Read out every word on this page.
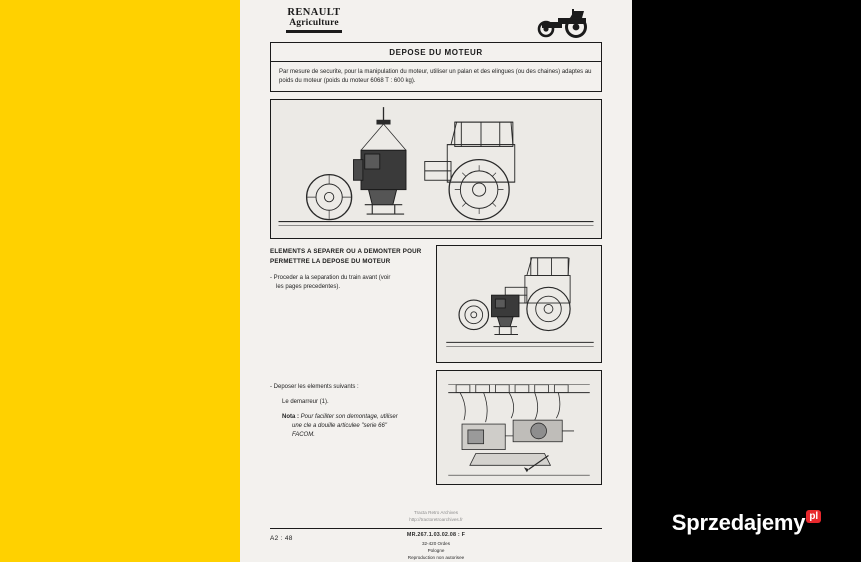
RENAULT
Agriculture
DEPOSE DU MOTEUR

Par mesure de securite, pour la manipulation du moteur, utiliser un palan et des elingues (ou des chaines) adaptes au poids du moteur (poids du moteur 6068 T : 600 kg).

ELEMENTS A SEPARER OU A DEMONTER POUR PERMETTRE LA DEPOSE DU MOTEUR
- Proceder a la separation du train avant (voir
les pages precedentes).
- Deposer les elements suivants :
Le demarreur (1).
Nota : Pour faciliter son demontage, utiliser
une cle a douille articulee "serie 66"
FACOM.
Tracta Retro Archives
http://tractoretroarchives.fr
A2 : 48	MR.267.1.03.02.08 : F
32-420 Ordes
Pologne
Reproduction non autorisee
Sprzedajemy pl
